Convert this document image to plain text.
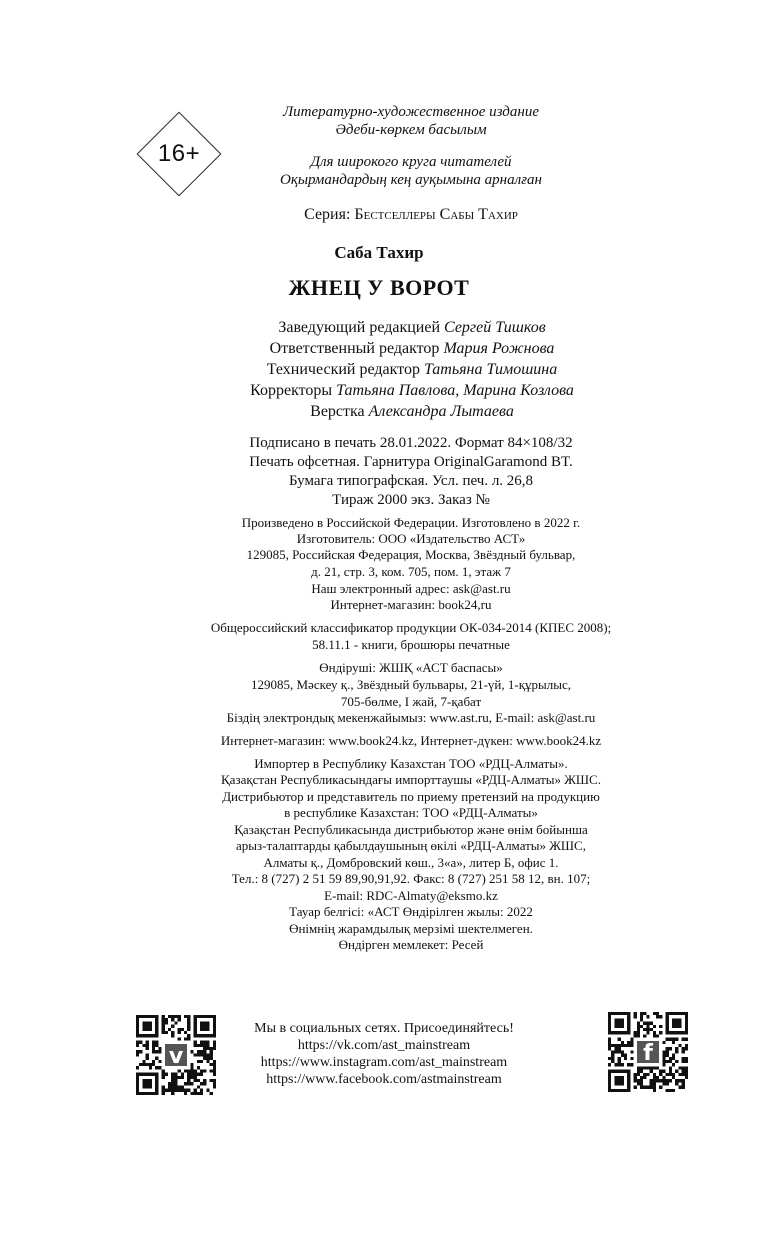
16+
Литературно-художественное издание
Әдеби-көркем басылым
Для широкого круга читателей
Оқырмандардың кең ауқымына арналған
Серия: Бестселлеры Сабы Тахир
Саба Тахир
ЖНЕЦ У ВОРОТ
Заведующий редакцией Сергей Тишков
Ответственный редактор Мария Рожнова
Технический редактор Татьяна Тимошина
Корректоры Татьяна Павлова, Марина Козлова
Верстка Александра Лытаева
Подписано в печать 28.01.2022. Формат 84×108/32
Печать офсетная. Гарнитура OriginalGaramond BT.
Бумага типографская. Усл. печ. л. 26,8
Тираж 2000 экз. Заказ №
Произведено в Российской Федерации. Изготовлено в 2022 г.
Изготовитель: ООО «Издательство АСТ»
129085, Российская Федерация, Москва, Звёздный бульвар,
д. 21, стр. 3, ком. 705, пом. 1, этаж 7
Наш электронный адрес: ask@ast.ru
Интернет-магазин: book24,ru
Общероссийский классификатор продукции ОК-034-2014 (КПЕС 2008);
58.11.1 - книги, брошюры печатные
Өндіруші: ЖШҚ «АСТ баспасы»
129085, Мәскеу қ., Звёздный бульвары, 21-үй, 1-құрылыс,
705-бөлме, I жай, 7-қабат
Біздің электрондық мекенжайымыз: www.ast.ru, E-mail: ask@ast.ru
Интернет-магазин: www.book24.kz, Интернет-дүкен: www.book24.kz
Импортер в Республику Казахстан ТОО «РДЦ-Алматы».
Қазақстан Республикасындағы импорттаушы «РДЦ-Алматы» ЖШС.
Дистрибьютор и представитель по приему претензий на продукцию
в республике Казахстан: ТОО «РДЦ-Алматы»
Қазақстан Республикасында дистрибьютор және өнім бойынша
арыз-талаптарды қабылдаушының өкілі «РДЦ-Алматы» ЖШС,
Алматы қ., Домбровский көш., 3«а», литер Б, офис 1.
Тел.: 8 (727) 2 51 59 89,90,91,92. Факс: 8 (727) 251 58 12, вн. 107;
E-mail: RDC-Almaty@eksmo.kz
Тауар белгісі: «АСТ Өндірілген жылы: 2022
Өнімнің жарамдылық мерзімі шектелмеген.
Өндірген мемлекет: Ресей
v	f
Мы в социальных сетях. Присоединяйтесь!
https://vk.com/ast_mainstream
https://www.instagram.com/ast_mainstream
https://www.facebook.com/astmainstream
